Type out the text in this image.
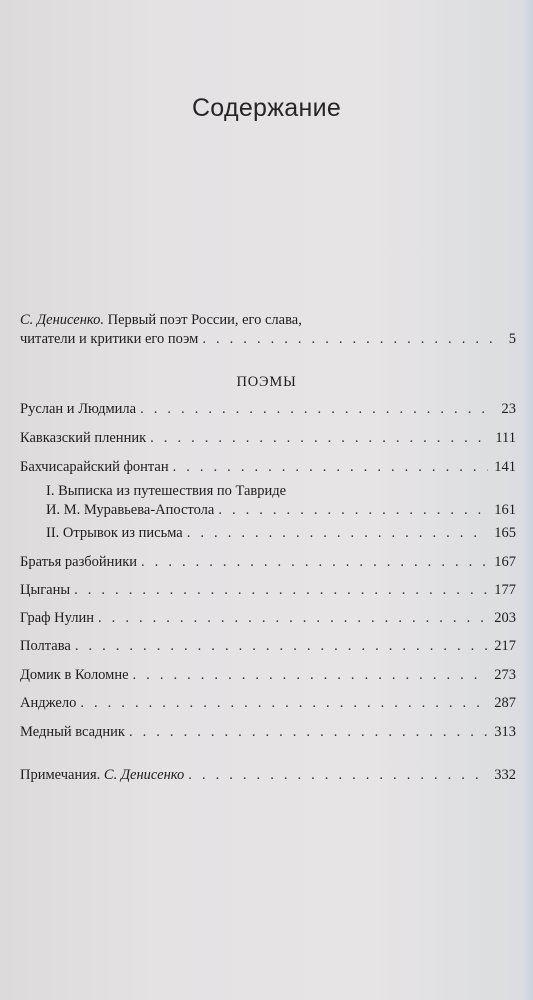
Содержание
С. Денисенко. Первый поэт России, его слава,
читатели и критики его поэм . . .	5
ПОЭМЫ
Руслан и Людмила . . .	23
Кавказский пленник . . .	111
Бахчисарайский фонтан . . .	141
I. Выписка из путешествия по Тавриде
И. М. Муравьева-Апостола . . .	161
II. Отрывок из письма . . .	165
Братья разбойники . . .	167
Цыганы . . .	177
Граф Нулин . . .	203
Полтава . . .	217
Домик в Коломне . . .	273
Анджело . . .	287
Медный всадник . . .	313
Примечания. С. Денисенко . . .	332
